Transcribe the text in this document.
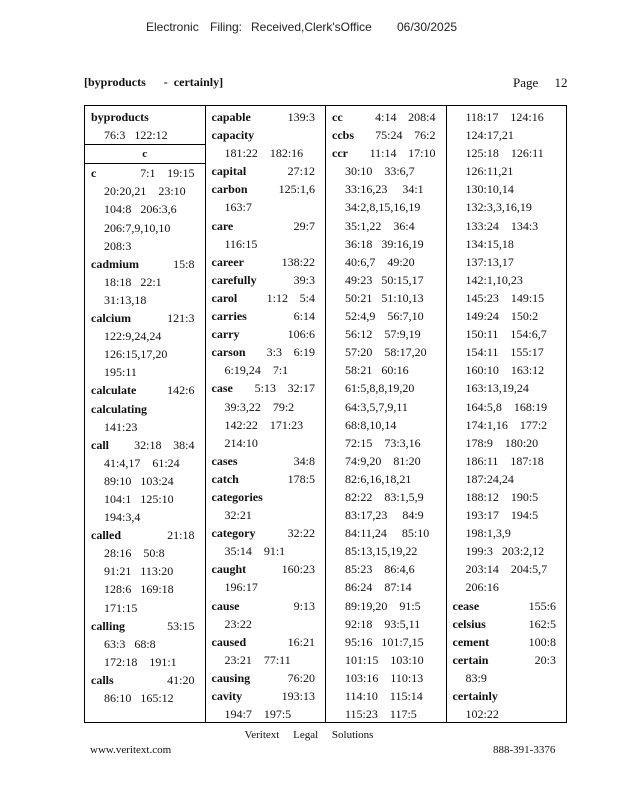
Electronic Filing: Received,Clerk'sOffice 06/30/2025
[byproducts      -  certainly]	Page 12
byproducts
76:3   122:12
c
c	7:1 19:15
20:20,21    23:10
104:8   206:3,6
206:7,9,10,10
208:3
cadmium	15:8
18:18   22:1
31:13,18
calcium	121:3
122:9,24,24
126:15,17,20
195:11
calculate	142:6
calculating
141:23
call 32:18 38:4
41:4,17    61:24
89:10   103:24
104:1   125:10
194:3,4
called	21:18
28:16    50:8
91:21   113:20
128:6   169:18
171:15
calling	53:15
63:3   68:8
172:18    191:1
calls	41:20
86:10   165:12
capable	139:3
capacity
181:22    182:16
capital	27:12
carbon	125:1,6
163:7
care	29:7
116:15
career	138:22
carefully	39:3
carol 1:12 5:4
carries	6:14
carry	106:6
carson 3:3 6:19
6:19,24    7:1
case 5:13 32:17
39:3,22    79:2
142:22    171:23
214:10
cases	34:8
catch	178:5
categories
32:21
category	32:22
35:14    91:1
caught	160:23
196:17
cause	9:13
23:22
caused	16:21
23:21    77:11
causing	76:20
cavity	193:13
194:7    197:5
cc	4:14 208:4
ccbs 75:24 76:2
ccr 11:14 17:10
30:10    33:6,7
33:16,23     34:1
34:2,8,15,16,19
35:1,22    36:4
36:18   39:16,19
40:6,7    49:20
49:23   50:15,17
50:21   51:10,13
52:4,9    56:7,10
56:12    57:9,19
57:20    58:17,20
58:21   60:16
61:5,8,8,19,20
64:3,5,7,9,11
68:8,10,14
72:15    73:3,16
74:9,20    81:20
82:6,16,18,21
82:22    83:1,5,9
83:17,23     84:9
84:11,24     85:10
85:13,15,19,22
85:23    86:4,6
86:24    87:14
89:19,20    91:5
92:18    93:5,11
95:16   101:7,15
101:15    103:10
103:16    110:13
114:10    115:14
115:23    117:5
118:17    124:16
124:17,21
125:18    126:11
126:11,21
130:10,14
132:3,3,16,19
133:24    134:3
134:15,18
137:13,17
142:1,10,23
145:23    149:15
149:24    150:2
150:11    154:6,7
154:11    155:17
160:10    163:12
163:13,19,24
164:5,8    168:19
174:1,16    177:2
178:9    180:20
186:11    187:18
187:24,24
188:12    190:5
193:17    194:5
198:1,3,9
199:3   203:2,12
203:14    204:5,7
206:16
cease	155:6
celsius	162:5
cement	100:8
certain	20:3
83:9
certainly
102:22
Veritext     Legal     Solutions
www.veritext.com	888-391-3376
